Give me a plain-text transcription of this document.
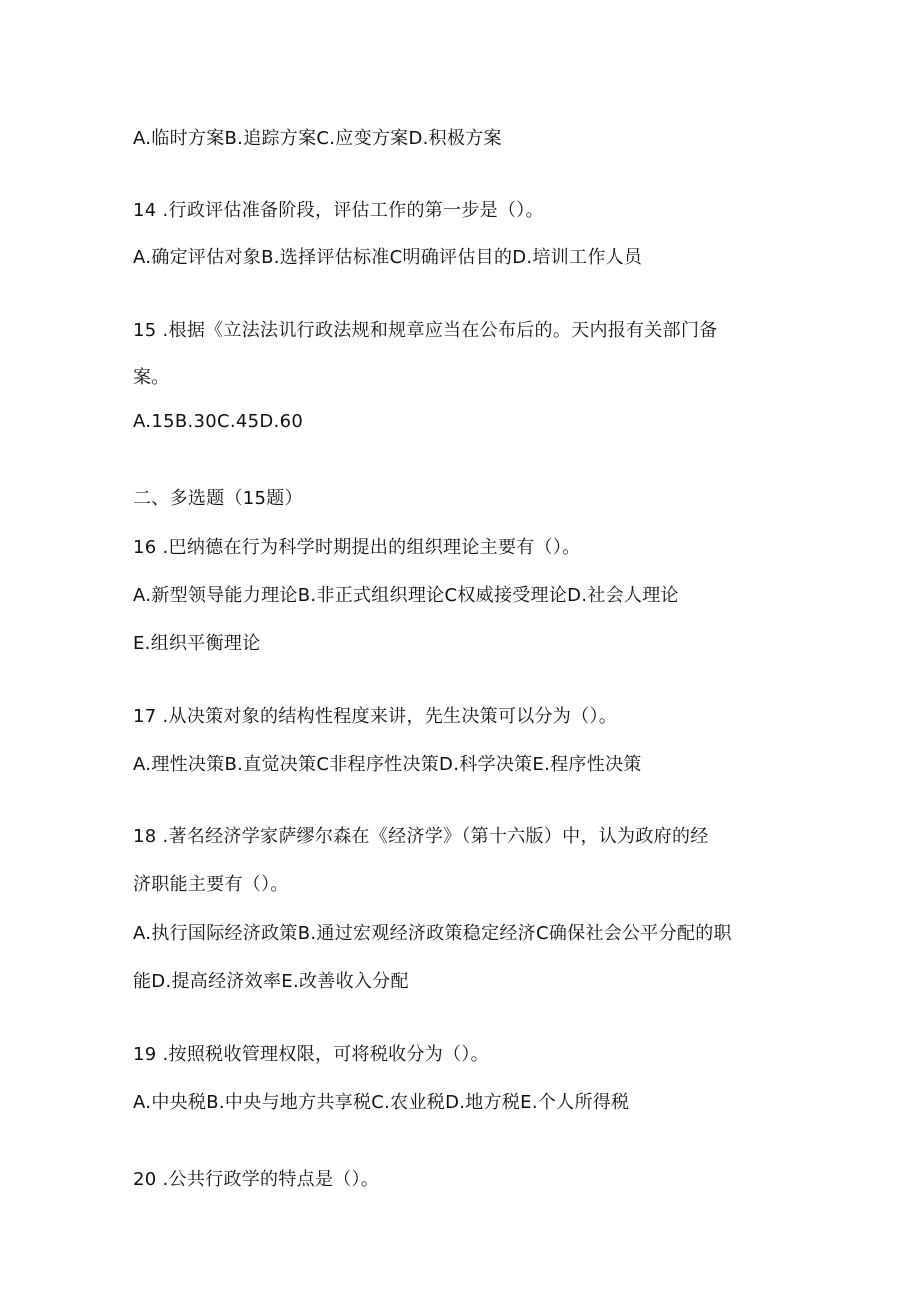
A.临时方案B.追踪方案C.应变方案D.积极方案
14 .行政评估准备阶段，评估工作的第一步是（）。
A.确定评估对象B.选择评估标准C明确评估目的D.培训工作人员
15 .根据《立法法讥行政法规和规章应当在公布后的。天内报有关部门备
案。
A.15B.30C.45D.60
二、多选题（15题）
16 .巴纳德在行为科学时期提出的组织理论主要有（）。
A.新型领导能力理论B.非正式组织理论C权威接受理论D.社会人理论
E.组织平衡理论
17 .从决策对象的结构性程度来讲，先生决策可以分为（）。
A.理性决策B.直觉决策C非程序性决策D.科学决策E.程序性决策
18 .著名经济学家萨缪尔森在《经济学》（第十六版）中，认为政府的经
济职能主要有（）。
A.执行国际经济政策B.通过宏观经济政策稳定经济C确保社会公平分配的职
能D.提高经济效率E.改善收入分配
19 .按照税收管理权限，可将税收分为（）。
A.中央税B.中央与地方共享税C.农业税D.地方税E.个人所得税
20 .公共行政学的特点是（）。
